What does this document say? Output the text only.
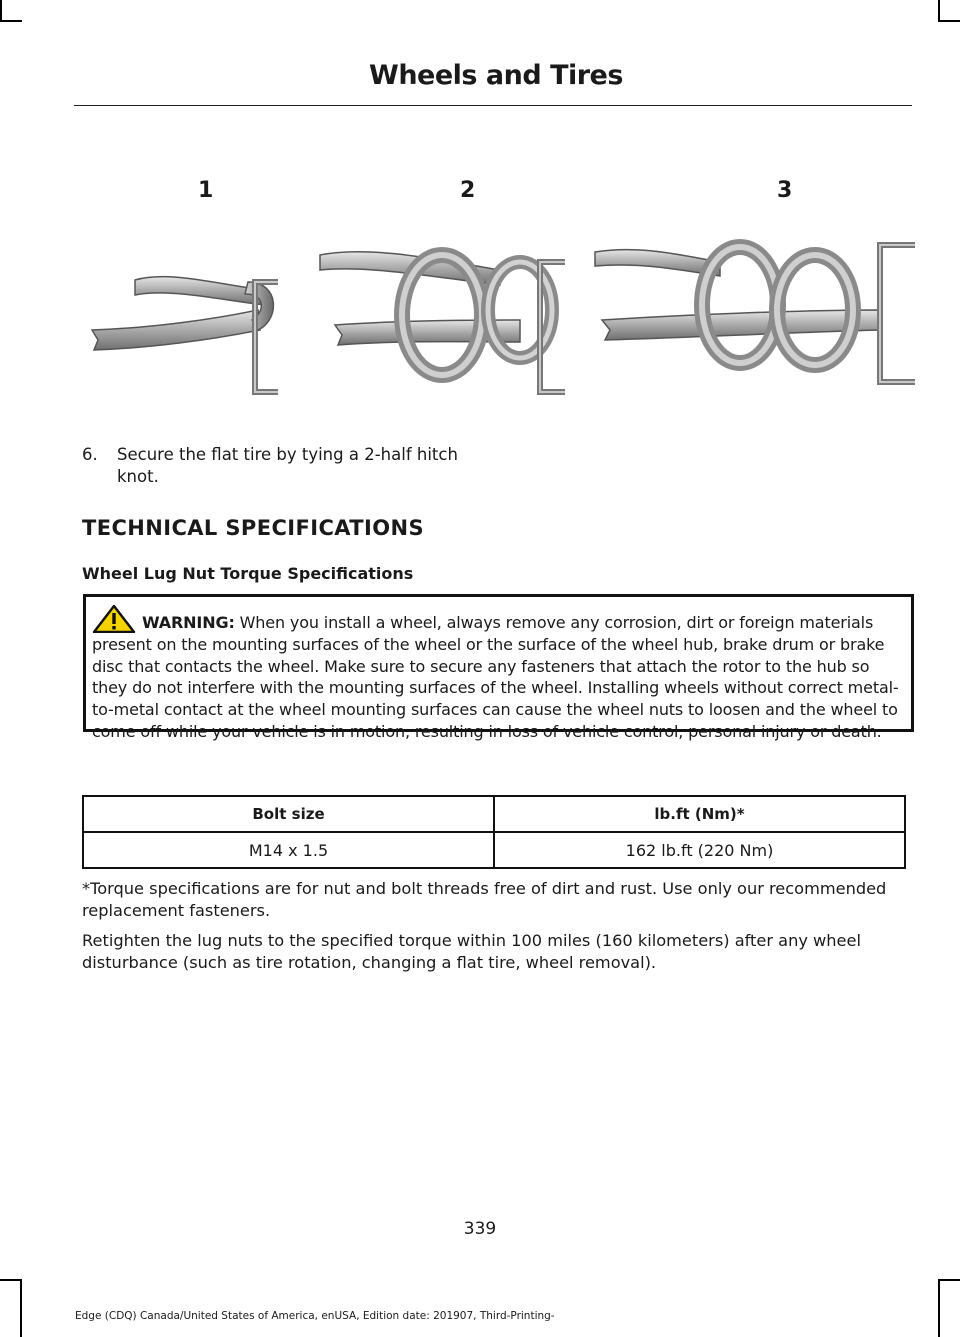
Wheels and Tires
1	2	3
6. Secure the flat tire by tying a 2-half hitch knot.
TECHNICAL SPECIFICATIONS
Wheel Lug Nut Torque Specifications
WARNING: When you install a wheel, always remove any corrosion, dirt or foreign materials present on the mounting surfaces of the wheel or the surface of the wheel hub, brake drum or brake disc that contacts the wheel. Make sure to secure any fasteners that attach the rotor to the hub so they do not interfere with the mounting surfaces of the wheel. Installing wheels without correct metal-to-metal contact at the wheel mounting surfaces can cause the wheel nuts to loosen and the wheel to come off while your vehicle is in motion, resulting in loss of vehicle control, personal injury or death.
Bolt size	lb.ft (Nm)*
M14 x 1.5	162 lb.ft (220 Nm)
*Torque specifications are for nut and bolt threads free of dirt and rust. Use only our recommended replacement fasteners.
Retighten the lug nuts to the specified torque within 100 miles (160 kilometers) after any wheel disturbance (such as tire rotation, changing a flat tire, wheel removal).
339
Edge (CDQ) Canada/United States of America, enUSA, Edition date: 201907, Third-Printing-
